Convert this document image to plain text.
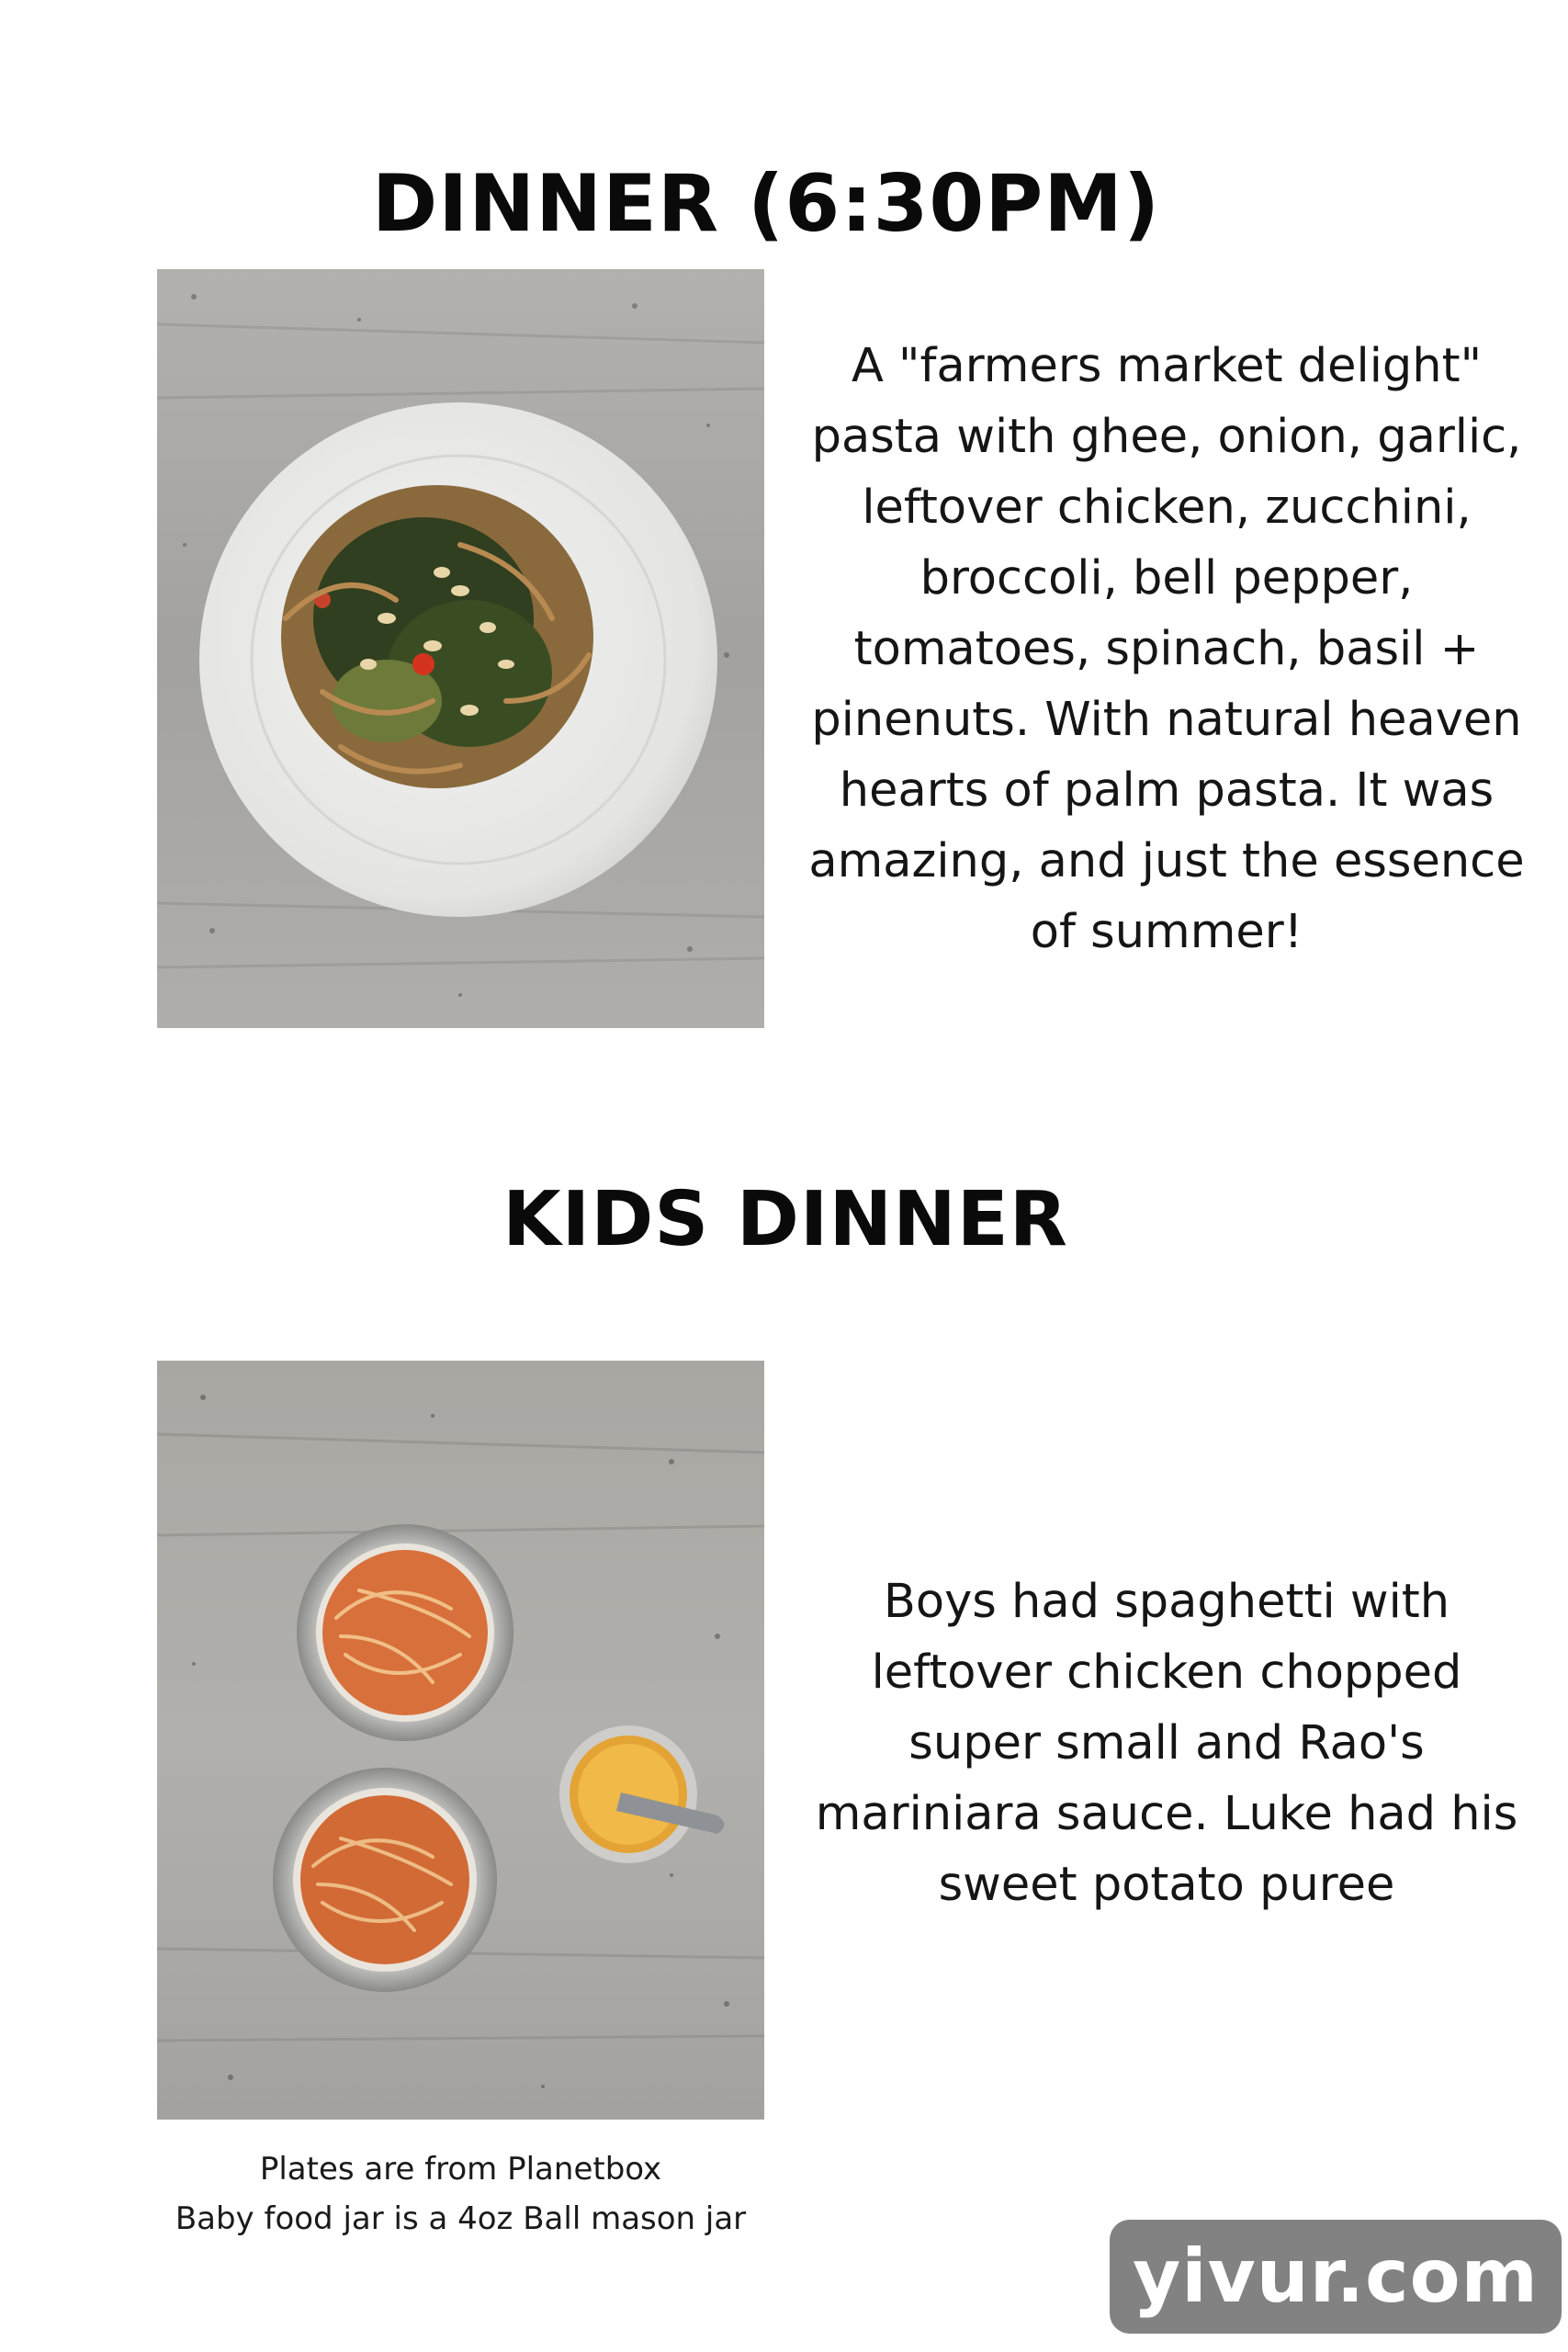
DINNER (6:30PM)

A "farmers market delight" pasta with ghee, onion, garlic, leftover chicken, zucchini, broccoli, bell pepper, tomatoes, spinach, basil + pinenuts. With natural heaven hearts of palm pasta. It was amazing, and just the essence of summer!

KIDS DINNER

Boys had spaghetti with leftover chicken chopped super small and Rao's mariniara sauce. Luke had his sweet potato puree

Plates are from Planetbox
Baby food jar is a 4oz Ball mason jar
yivur.com
